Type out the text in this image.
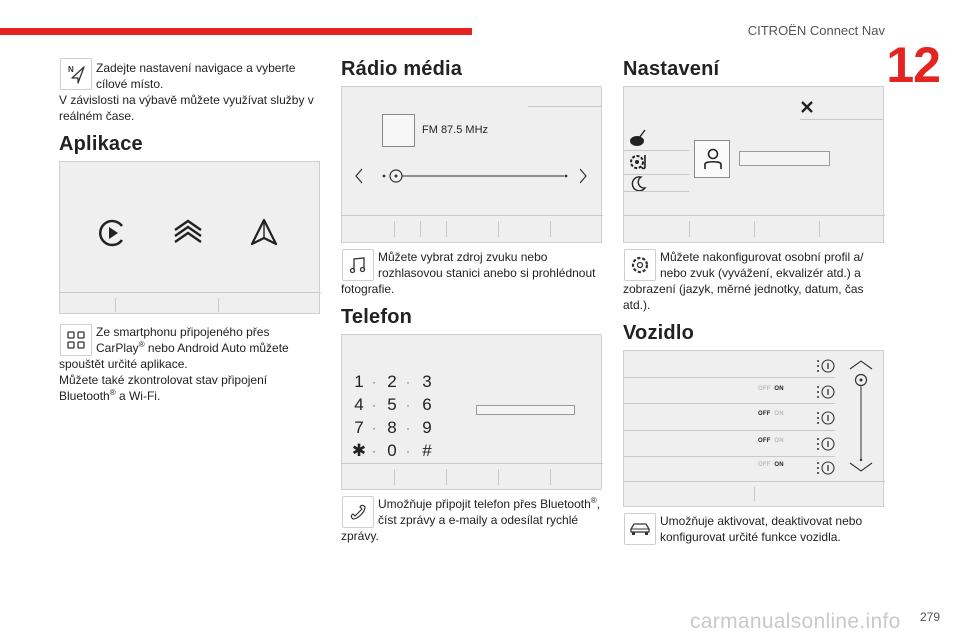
CITROËN Connect Nav
12
N Zadejte nastavení navigace a vyberte
cílové místo.
V závislosti na výbavě můžete využívat služby v
reálném čase.
Aplikace
Ze smartphonu připojeného přes
CarPlay® nebo Android Auto můžete
spouštět určité aplikace.
Můžete také zkontrolovat stav připojení
Bluetooth® a Wi-Fi.
Rádio média
FM 87.5 MHz
Můžete vybrat zdroj zvuku nebo
rozhlasovou stanici anebo si prohlédnout
fotografie.
Telefon
1 · 2 · 3
4 · 5 · 6
7 · 8 · 9
✱ · 0 · #
Umožňuje připojit telefon přes Bluetooth®,
číst zprávy a e-maily a odesílat rychlé
zprávy.
Nastavení
Můžete nakonfigurovat osobní profil a/
nebo zvuk (vyvážení, ekvalizér atd.) a
zobrazení (jazyk, měrné jednotky, datum, čas
atd.).
Vozidlo
OFF ON
OFF ON
OFF ON
OFF ON
Umožňuje aktivovat, deaktivovat nebo
konfigurovat určité funkce vozidla.
carmanualsonline.info 279
